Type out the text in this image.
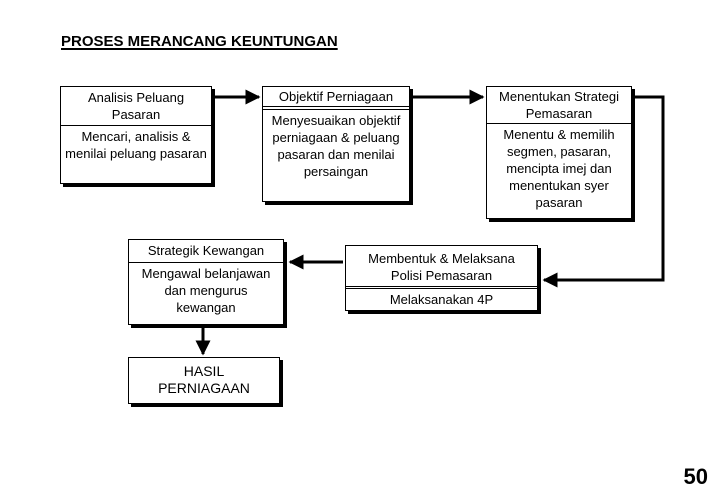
PROSES MERANCANG KEUNTUNGAN
Analisis Peluang Pasaran
Mencari, analisis & menilai peluang pasaran
Objektif Perniagaan
Menyesuaikan objektif perniagaan & peluang pasaran dan menilai persaingan
Menentukan Strategi Pemasaran
Menentu & memilih segmen, pasaran, mencipta imej dan menentukan syer pasaran
Membentuk & Melaksana Polisi Pemasaran
Melaksanakan 4P
Strategik Kewangan
Mengawal belanjawan dan mengurus kewangan
HASIL PERNIAGAAN
50
